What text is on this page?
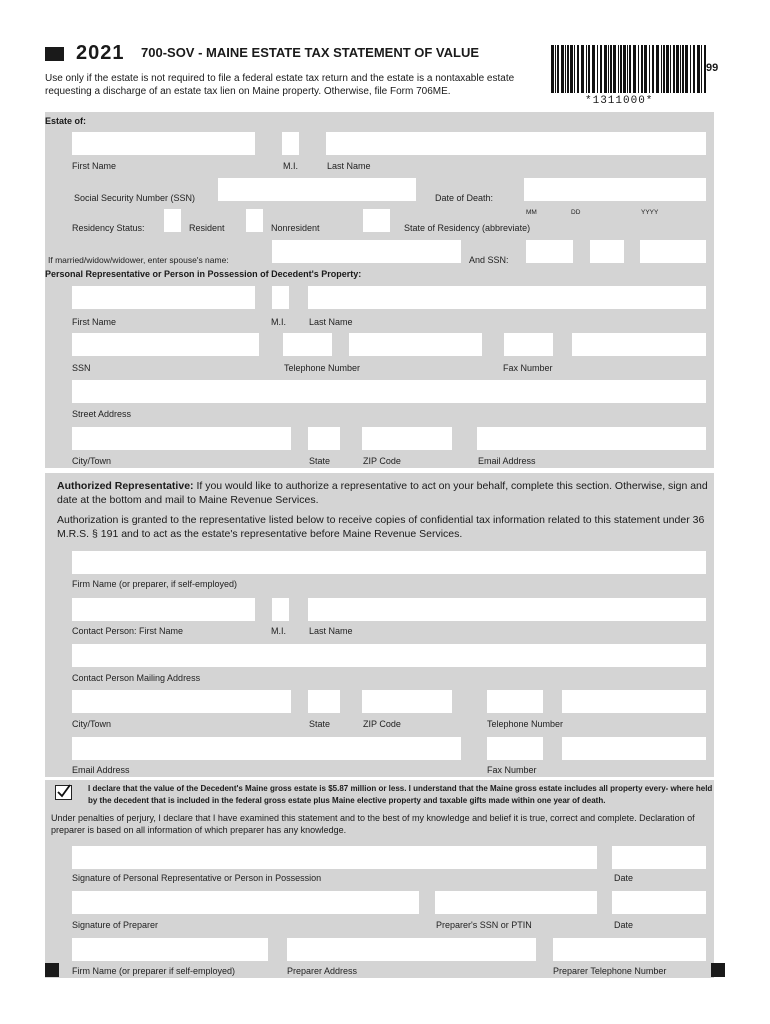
2021 700-SOV - MAINE ESTATE TAX STATEMENT OF VALUE
*1311000*
99
Use only if the estate is not required to file a federal estate tax return and the estate is a nontaxable estate requesting a discharge of an estate tax lien on Maine property. Otherwise, file Form 706ME.
Estate of:
First Name	M.I.	Last Name
Social Security Number (SSN)	Date of Death:
MM	DD	YYYY
Residency Status:	Resident	Nonresident	State of Residency (abbreviate)
If married/widow/widower, enter spouse's name:	And SSN:
Personal Representative or Person in Possession of Decedent's Property:
First Name	M.I.	Last Name
SSN	Telephone Number	Fax Number
Street Address
City/Town	State	ZIP Code	Email Address
Authorized Representative: If you would like to authorize a representative to act on your behalf, complete this section. Otherwise, sign and date at the bottom and mail to Maine Revenue Services.
Authorization is granted to the representative listed below to receive copies of confidential tax information related to this statement under 36 M.R.S. § 191 and to act as the estate's representative before Maine Revenue Services.
Firm Name (or preparer, if self-employed)
Contact Person: First Name	M.I.	Last Name
Contact Person Mailing Address
City/Town	State	ZIP Code	Telephone Number
Email Address	Fax Number
I declare that the value of the Decedent's Maine gross estate is $5.87 million or less. I understand that the Maine gross estate includes all property every- where held by the decedent that is included in the federal gross estate plus Maine elective property and taxable gifts made within one year of death.
Under penalties of perjury, I declare that I have examined this statement and to the best of my knowledge and belief it is true, correct and complete. Declaration of preparer is based on all information of which preparer has any knowledge.
Signature of Personal Representative or Person in Possession	Date
Signature of Preparer	Preparer's SSN or PTIN	Date
Firm Name (or preparer if self-employed)	Preparer Address	Preparer Telephone Number
